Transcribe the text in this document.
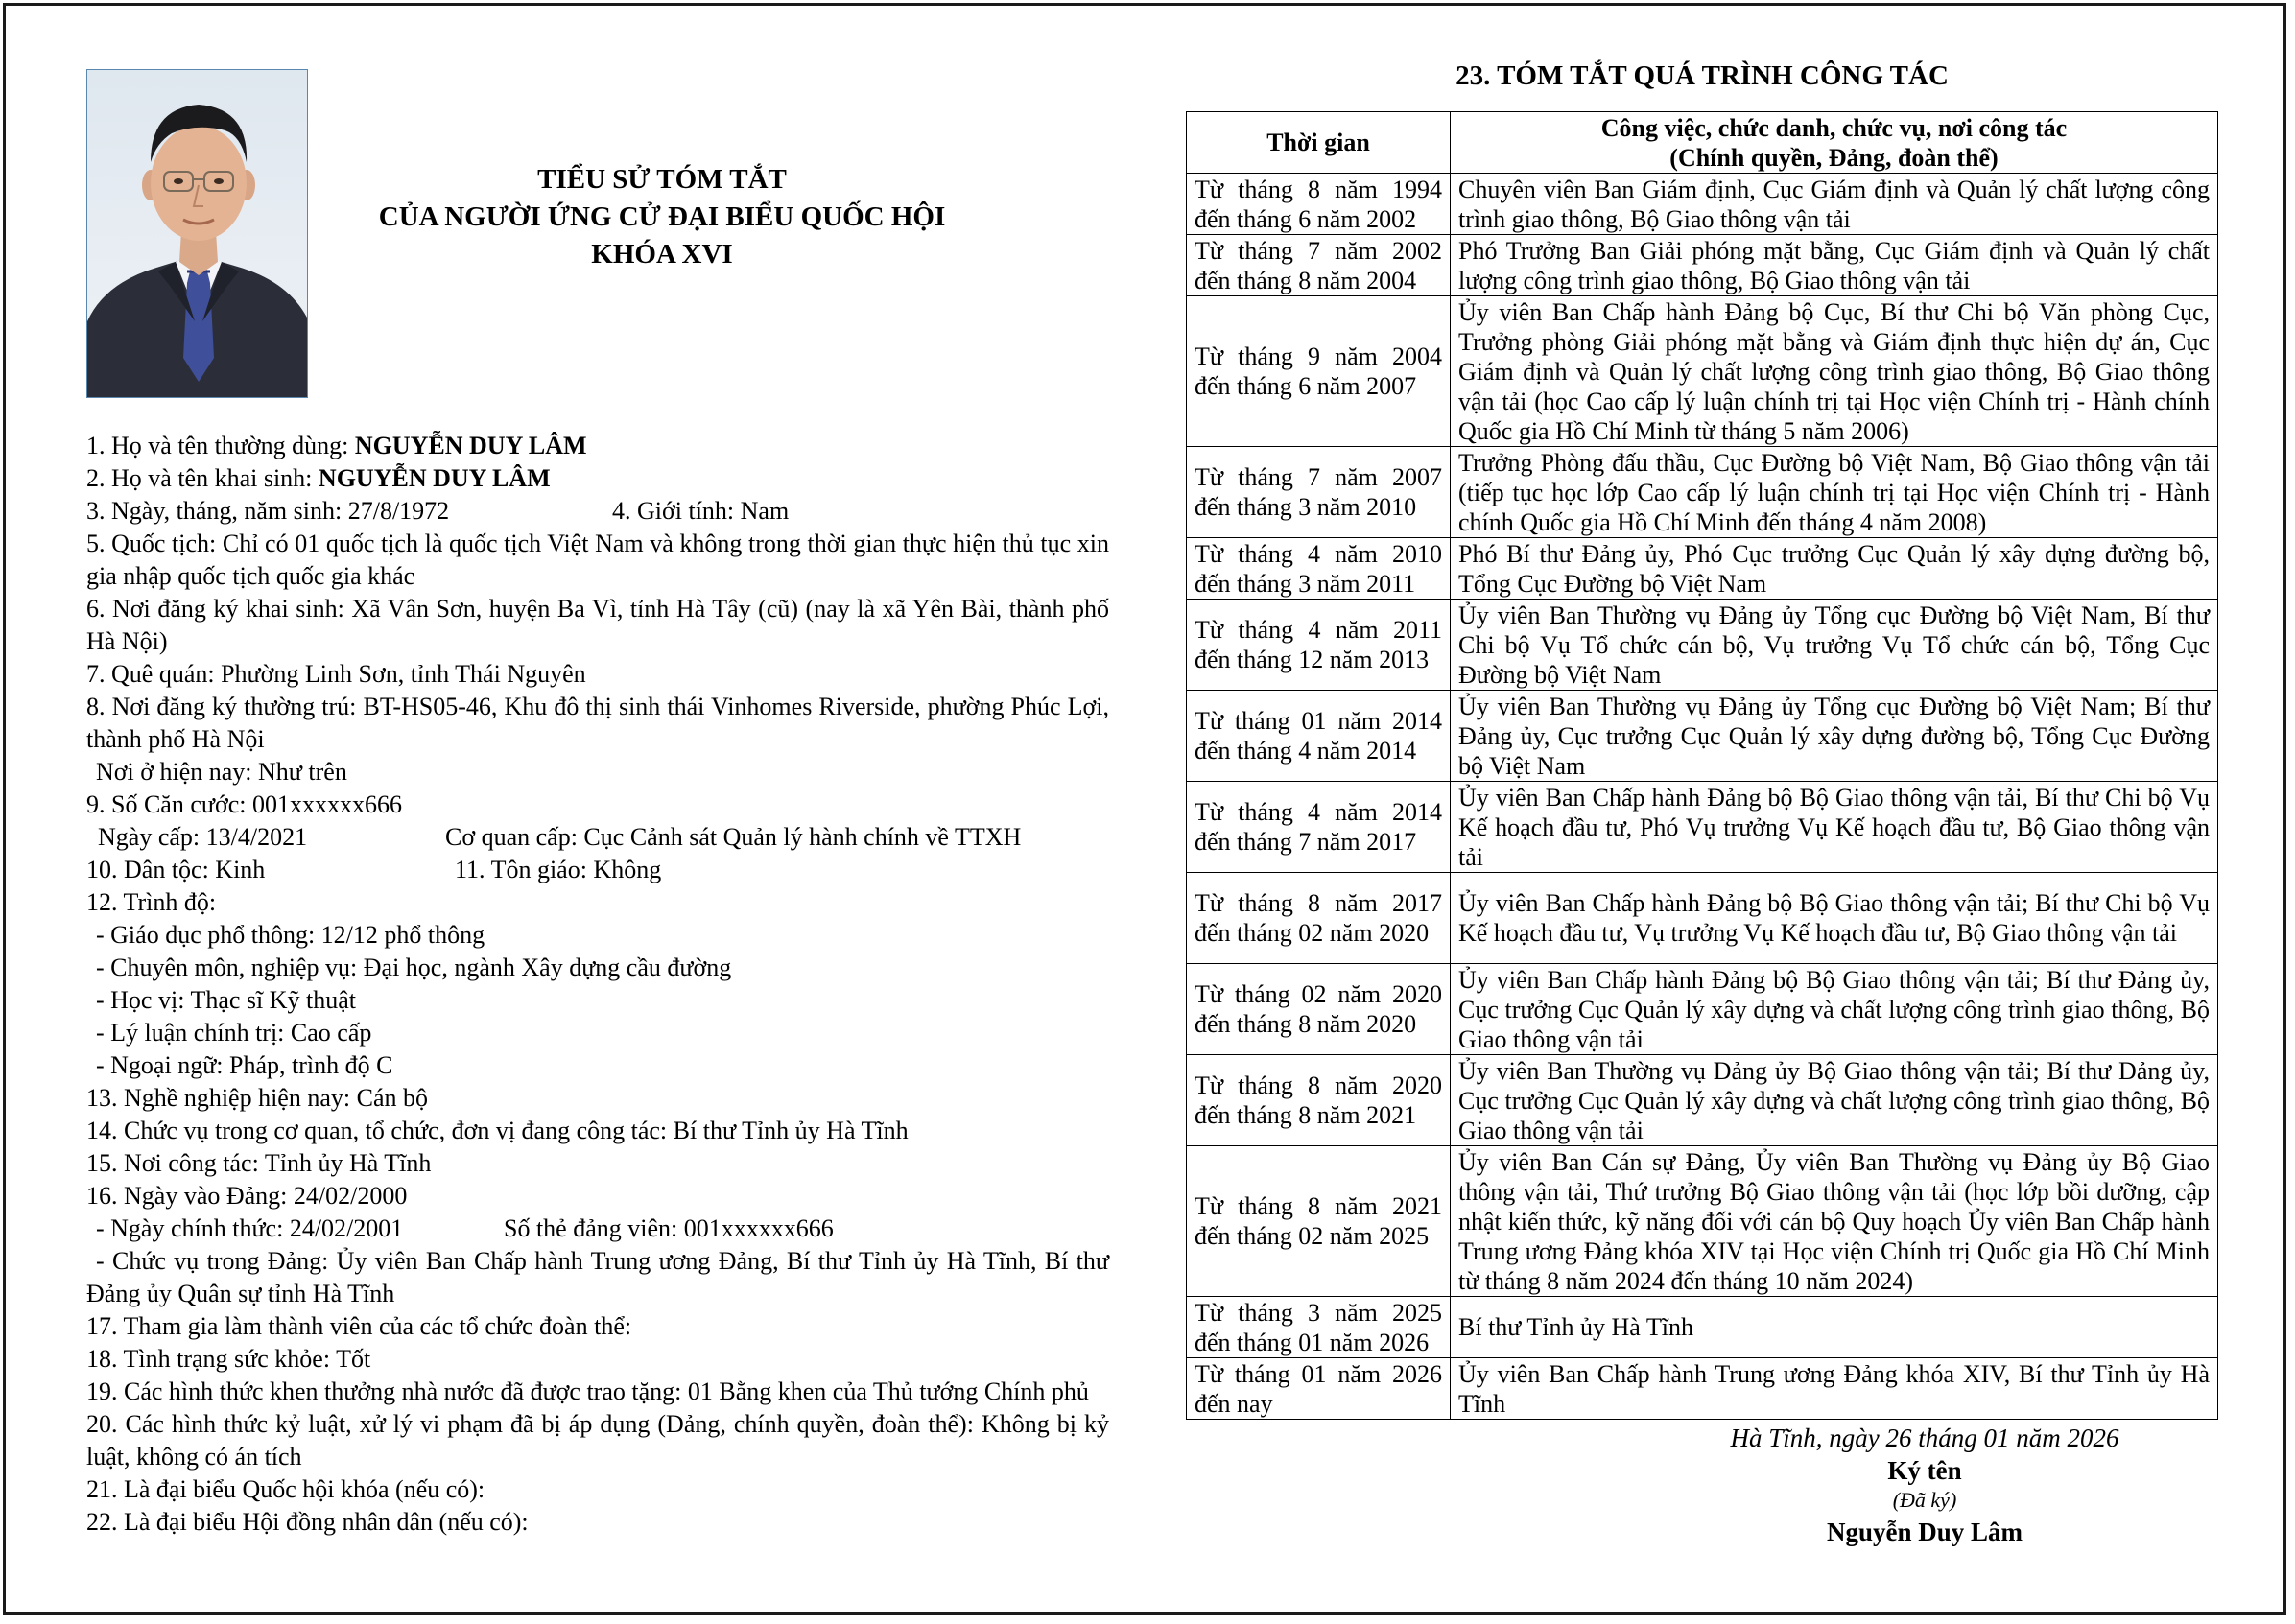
TIỂU SỬ TÓM TẮT
CỦA NGƯỜI ỨNG CỬ ĐẠI BIỂU QUỐC HỘI
KHÓA XVI
1. Họ và tên thường dùng: NGUYỄN DUY LÂM
2. Họ và tên khai sinh: NGUYỄN DUY LÂM
3. Ngày, tháng, năm sinh: 27/8/1972	4. Giới tính: Nam
5. Quốc tịch: Chỉ có 01 quốc tịch là quốc tịch Việt Nam và không trong thời gian thực hiện thủ tục xin gia nhập quốc tịch quốc gia khác
6. Nơi đăng ký khai sinh: Xã Vân Sơn, huyện Ba Vì, tỉnh Hà Tây (cũ) (nay là xã Yên Bài, thành phố Hà Nội)
7. Quê quán: Phường Linh Sơn, tỉnh Thái Nguyên
8. Nơi đăng ký thường trú: BT-HS05-46, Khu đô thị sinh thái Vinhomes Riverside, phường Phúc Lợi, thành phố Hà Nội
Nơi ở hiện nay: Như trên
9. Số Căn cước: 001xxxxxx666
Ngày cấp: 13/4/2021	Cơ quan cấp: Cục Cảnh sát Quản lý hành chính về TTXH
10. Dân tộc: Kinh	11. Tôn giáo: Không
12. Trình độ:
- Giáo dục phổ thông: 12/12 phổ thông
- Chuyên môn, nghiệp vụ: Đại học, ngành Xây dựng cầu đường
- Học vị: Thạc sĩ Kỹ thuật
- Lý luận chính trị: Cao cấp
- Ngoại ngữ: Pháp, trình độ C
13. Nghề nghiệp hiện nay: Cán bộ
14. Chức vụ trong cơ quan, tổ chức, đơn vị đang công tác: Bí thư Tỉnh ủy Hà Tĩnh
15. Nơi công tác: Tỉnh ủy Hà Tĩnh
16. Ngày vào Đảng: 24/02/2000
- Ngày chính thức: 24/02/2001	Số thẻ đảng viên: 001xxxxxx666
- Chức vụ trong Đảng: Ủy viên Ban Chấp hành Trung ương Đảng, Bí thư Tỉnh ủy Hà Tĩnh, Bí thư Đảng ủy Quân sự tỉnh Hà Tĩnh
17. Tham gia làm thành viên của các tổ chức đoàn thể:
18. Tình trạng sức khỏe: Tốt
19. Các hình thức khen thưởng nhà nước đã được trao tặng: 01 Bằng khen của Thủ tướng Chính phủ
20. Các hình thức kỷ luật, xử lý vi phạm đã bị áp dụng (Đảng, chính quyền, đoàn thể): Không bị kỷ luật, không có án tích
21. Là đại biểu Quốc hội khóa (nếu có):
22. Là đại biểu Hội đồng nhân dân (nếu có):
23. TÓM TẮT QUÁ TRÌNH CÔNG TÁC
Thời gian	Công việc, chức danh, chức vụ, nơi công tác
(Chính quyền, Đảng, đoàn thể)

Từ tháng 8 năm 1994
đến tháng 6 năm 2002	Chuyên viên Ban Giám định, Cục Giám định và Quản lý chất lượng công trình giao thông, Bộ Giao thông vận tải

Từ tháng 7 năm 2002
đến tháng 8 năm 2004	Phó Trưởng Ban Giải phóng mặt bằng, Cục Giám định và Quản lý chất lượng công trình giao thông, Bộ Giao thông vận tải

Từ tháng 9 năm 2004
đến tháng 6 năm 2007	Ủy viên Ban Chấp hành Đảng bộ Cục, Bí thư Chi bộ Văn phòng Cục, Trưởng phòng Giải phóng mặt bằng và Giám định thực hiện dự án, Cục Giám định và Quản lý chất lượng công trình giao thông, Bộ Giao thông vận tải (học Cao cấp lý luận chính trị tại Học viện Chính trị - Hành chính Quốc gia Hồ Chí Minh từ tháng 5 năm 2006)

Từ tháng 7 năm 2007
đến tháng 3 năm 2010	Trưởng Phòng đấu thầu, Cục Đường bộ Việt Nam, Bộ Giao thông vận tải (tiếp tục học lớp Cao cấp lý luận chính trị tại Học viện Chính trị - Hành chính Quốc gia Hồ Chí Minh đến tháng 4 năm 2008)

Từ tháng 4 năm 2010
đến tháng 3 năm 2011	Phó Bí thư Đảng ủy, Phó Cục trưởng Cục Quản lý xây dựng đường bộ, Tổng Cục Đường bộ Việt Nam

Từ tháng 4 năm 2011
đến tháng 12 năm 2013	Ủy viên Ban Thường vụ Đảng ủy Tổng cục Đường bộ Việt Nam, Bí thư Chi bộ Vụ Tổ chức cán bộ, Vụ trưởng Vụ Tổ chức cán bộ, Tổng Cục Đường bộ Việt Nam

Từ tháng 01 năm 2014
đến tháng 4 năm 2014	Ủy viên Ban Thường vụ Đảng ủy Tổng cục Đường bộ Việt Nam; Bí thư Đảng ủy, Cục trưởng Cục Quản lý xây dựng đường bộ, Tổng Cục Đường bộ Việt Nam

Từ tháng 4 năm 2014
đến tháng 7 năm 2017	Ủy viên Ban Chấp hành Đảng bộ Bộ Giao thông vận tải, Bí thư Chi bộ Vụ Kế hoạch đầu tư, Phó Vụ trưởng Vụ Kế hoạch đầu tư, Bộ Giao thông vận tải

Từ tháng 8 năm 2017
đến tháng 02 năm 2020	Ủy viên Ban Chấp hành Đảng bộ Bộ Giao thông vận tải; Bí thư Chi bộ Vụ Kế hoạch đầu tư, Vụ trưởng Vụ Kế hoạch đầu tư, Bộ Giao thông vận tải

Từ tháng 02 năm 2020
đến tháng 8 năm 2020	Ủy viên Ban Chấp hành Đảng bộ Bộ Giao thông vận tải; Bí thư Đảng ủy, Cục trưởng Cục Quản lý xây dựng và chất lượng công trình giao thông, Bộ Giao thông vận tải

Từ tháng 8 năm 2020
đến tháng 8 năm 2021	Ủy viên Ban Thường vụ Đảng ủy Bộ Giao thông vận tải; Bí thư Đảng ủy, Cục trưởng Cục Quản lý xây dựng và chất lượng công trình giao thông, Bộ Giao thông vận tải

Từ tháng 8 năm 2021
đến tháng 02 năm 2025	Ủy viên Ban Cán sự Đảng, Ủy viên Ban Thường vụ Đảng ủy Bộ Giao thông vận tải, Thứ trưởng Bộ Giao thông vận tải (học lớp bồi dưỡng, cập nhật kiến thức, kỹ năng đối với cán bộ Quy hoạch Ủy viên Ban Chấp hành Trung ương Đảng khóa XIV tại Học viện Chính trị Quốc gia Hồ Chí Minh từ tháng 8 năm 2024 đến tháng 10 năm 2024)

Từ tháng 3 năm 2025
đến tháng 01 năm 2026	Bí thư Tỉnh ủy Hà Tĩnh

Từ tháng 01 năm 2026
đến nay	Ủy viên Ban Chấp hành Trung ương Đảng khóa XIV, Bí thư Tỉnh ủy Hà Tĩnh
Hà Tĩnh, ngày 26 tháng 01 năm 2026
Ký tên
(Đã ký)
Nguyễn Duy Lâm
